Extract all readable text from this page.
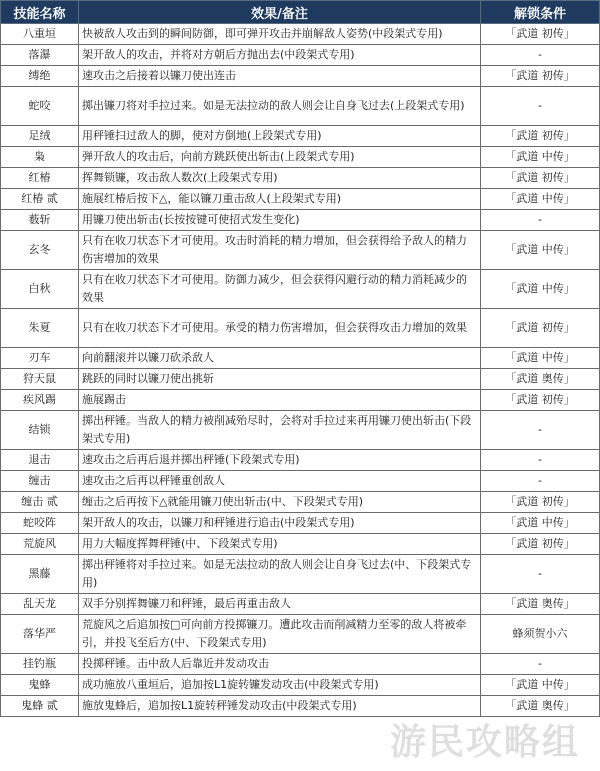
技能名称	效果/备注	解锁条件
八重垣	快被敌人攻击到的瞬间防御，即可弹开攻击并崩解敌人姿势(中段架式专用)	「武道 初传」
落瀑	架开敌人的攻击，并将对方朝后方抛出去(中段架式专用)	-
缚绝	速攻击之后接着以镰刀使出连击	「武道 初传」
蛇咬	掷出镰刀将对手拉过来。如是无法拉动的敌人则会让自身飞过去(上段架式专用)	-
足绒	用秤锤扫过敌人的脚，使对方倒地(上段架式专用)	「武道 初传」
枭	弹开敌人的攻击后，向前方跳跃使出斩击(上段架式专用)	「武道 中传」
红椿	挥舞锁镰，攻击敌人数次(上段架式专用)	「武道 初传」
红椿 贰	施展红椿后按下△，能以镰刀重击敌人(上段架式专用)	「武道 中传」
薮斩	用镰刀使出斩击(长按按键可使招式发生变化)	-
玄冬	只有在收刀状态下才可使用。攻击时消耗的精力增加，但会获得给予敌人的精力伤害增加的效果	「武道 中传」
白秋	只有在收刀状态下才可使用。防御力减少，但会获得闪避行动的精力消耗减少的效果	「武道 中传」
朱夏	只有在收刀状态下才可使用。承受的精力伤害增加，但会获得攻击力增加的效果	「武道 初传」
刃车	向前翻滚并以镰刀砍杀敌人	「武道 中传」
狩天鼠	跳跃的同时以镰刀使出挑斩	「武道 奥传」
疾风踢	施展踢击	「武道 初传」
结锁	掷出秤锤。当敌人的精力被削减殆尽时，会将对手拉过来再用镰刀使出斩击(下段架式专用)	-
退击	速攻击之后再后退并掷出秤锤(下段架式专用)	-
缠击	速攻击之后再以秤锤重创敌人	-
缠击 贰	缠击之后再按下△就能用镰刀使出斩击(中、下段架式专用)	「武道 初传」
蛇咬阵	架开敌人的攻击，以镰刀和秤锤进行追击(中段架式专用)	「武道 中传」
荒旋风	用力大幅度挥舞秤锤(中、下段架式专用)	「武道 初传」
黑藤	掷出秤锤将对手拉过来。如是无法拉动的敌人则会让自身飞过去(中、下段架式专用)	-
乱天龙	双手分别挥舞镰刀和秤锤，最后再重击敌人	「武道 奥传」
落华严	荒旋风之后追加按□可向前方投掷镰刀。遭此攻击而削减精力至零的敌人将被牵引，并投飞至后方(中、下段架式专用)	蜂须贺小六
挂钓瓶	投掷秤锤。击中敌人后靠近并发动攻击	-
鬼蜂	成功施放八重垣后，追加按L1旋转镰发动攻击(中段架式专用)	「武道 中传」
鬼蜂 贰	施放鬼蜂后，追加按L1旋转秤锤发动攻击(中段架式专用)	「武道 奥传」
游民攻略组
